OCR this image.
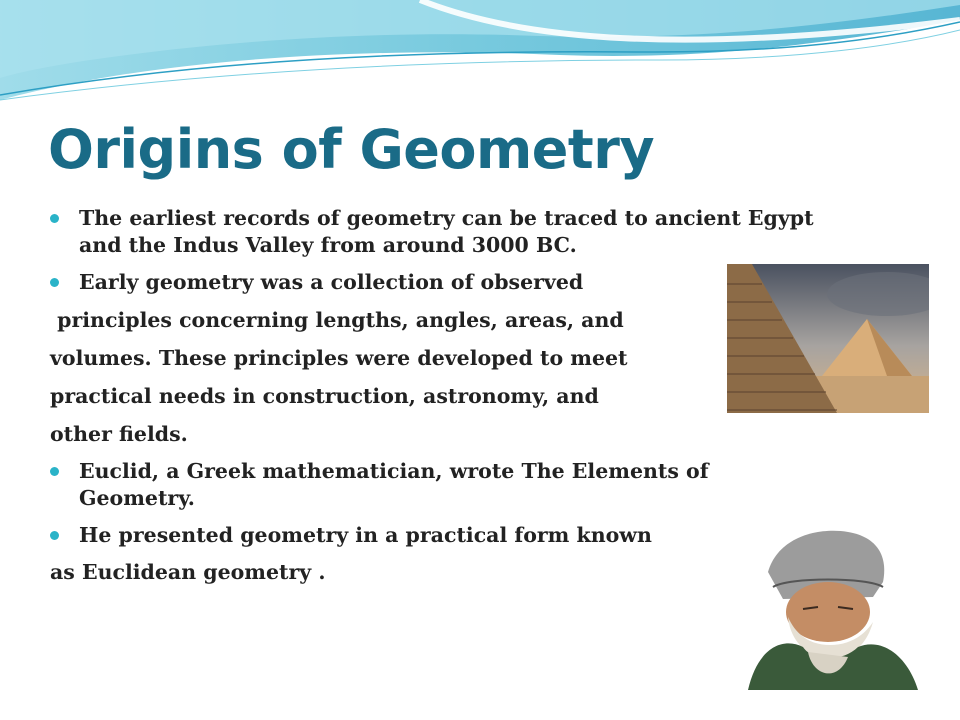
Origins of Geometry
The earliest records of geometry can be traced to ancient Egypt
and the Indus Valley from around 3000 BC.
Early geometry was a collection of observed
principles concerning lengths, angles, areas, and
volumes. These principles were developed to meet
practical needs in construction, astronomy, and
other fields.
Euclid, a Greek mathematician, wrote The Elements of
Geometry.
He presented geometry in a practical form known
as Euclidean geometry .
